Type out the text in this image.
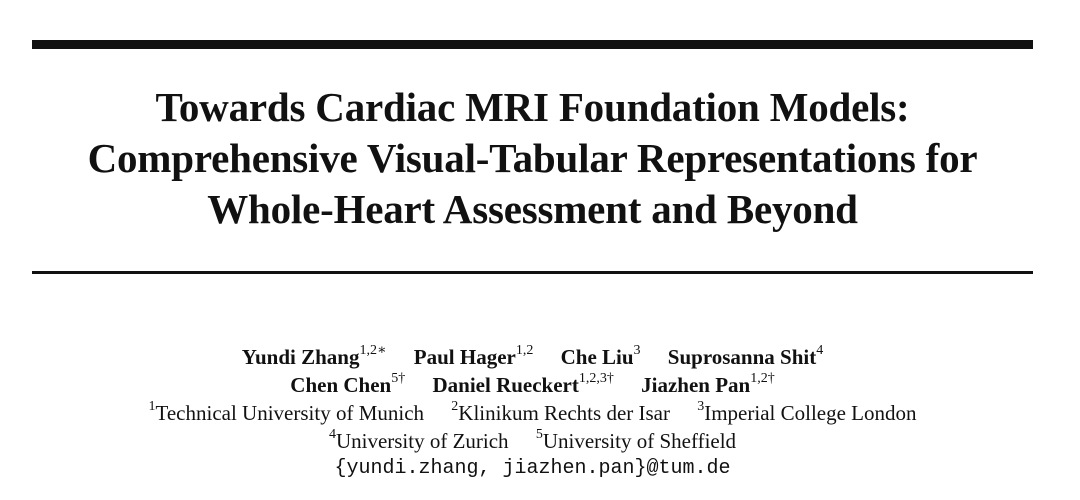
Towards Cardiac MRI Foundation Models:
Comprehensive Visual-Tabular Representations for
Whole-Heart Assessment and Beyond
Yundi Zhang$^{1,2∗}$ Paul Hager$^{1,2}$ Che Liu$^3$ Suprosanna Shit$^4$
Chen Chen$^{5\dagger}$ Daniel Rueckert$^{1,2,3\dagger}$ Jiazhen Pan$^{1,2\dagger}$
$^1$Technical University of Munich $^2$Klinikum Rechts der Isar $^3$Imperial College London
$^4$University of Zurich $^5$University of Sheffield
{yundi.zhang, jiazhen.pan}@tum.de
